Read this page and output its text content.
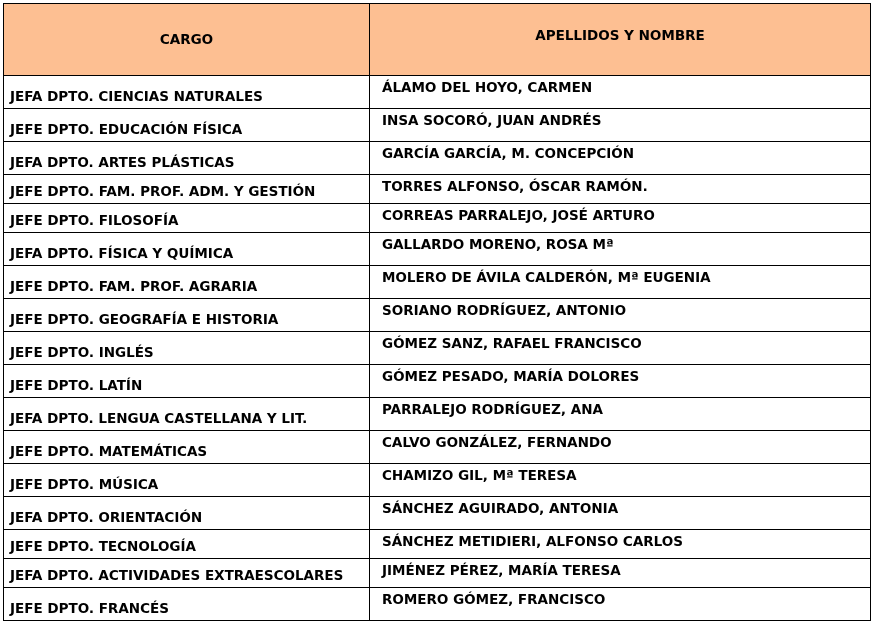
CARGO	APELLIDOS Y NOMBRE
JEFA DPTO. CIENCIAS NATURALES	ÁLAMO DEL HOYO, CARMEN
JEFE DPTO. EDUCACIÓN FÍSICA	INSA SOCORÓ, JUAN ANDRÉS
JEFA DPTO. ARTES PLÁSTICAS	GARCÍA GARCÍA, M. CONCEPCIÓN
JEFE DPTO. FAM. PROF. ADM. Y GESTIÓN	TORRES ALFONSO, ÓSCAR RAMÓN.
JEFE DPTO. FILOSOFÍA	CORREAS PARRALEJO, JOSÉ ARTURO
JEFA DPTO. FÍSICA Y QUÍMICA	GALLARDO MORENO, ROSA Mª
JEFE DPTO. FAM. PROF. AGRARIA	MOLERO DE ÁVILA CALDERÓN, Mª EUGENIA
JEFE DPTO. GEOGRAFÍA E HISTORIA	SORIANO RODRÍGUEZ, ANTONIO
JEFE DPTO. INGLÉS	GÓMEZ SANZ, RAFAEL FRANCISCO
JEFE DPTO. LATÍN	GÓMEZ PESADO, MARÍA DOLORES
JEFA DPTO. LENGUA CASTELLANA Y LIT.	PARRALEJO RODRÍGUEZ, ANA
JEFE DPTO. MATEMÁTICAS	CALVO GONZÁLEZ, FERNANDO
JEFE DPTO. MÚSICA	CHAMIZO GIL, Mª TERESA
JEFA DPTO. ORIENTACIÓN	SÁNCHEZ AGUIRADO, ANTONIA
JEFE DPTO. TECNOLOGÍA	SÁNCHEZ METIDIERI, ALFONSO CARLOS
JEFA DPTO. ACTIVIDADES EXTRAESCOLARES	JIMÉNEZ PÉREZ, MARÍA TERESA
JEFE DPTO. FRANCÉS	ROMERO GÓMEZ, FRANCISCO
